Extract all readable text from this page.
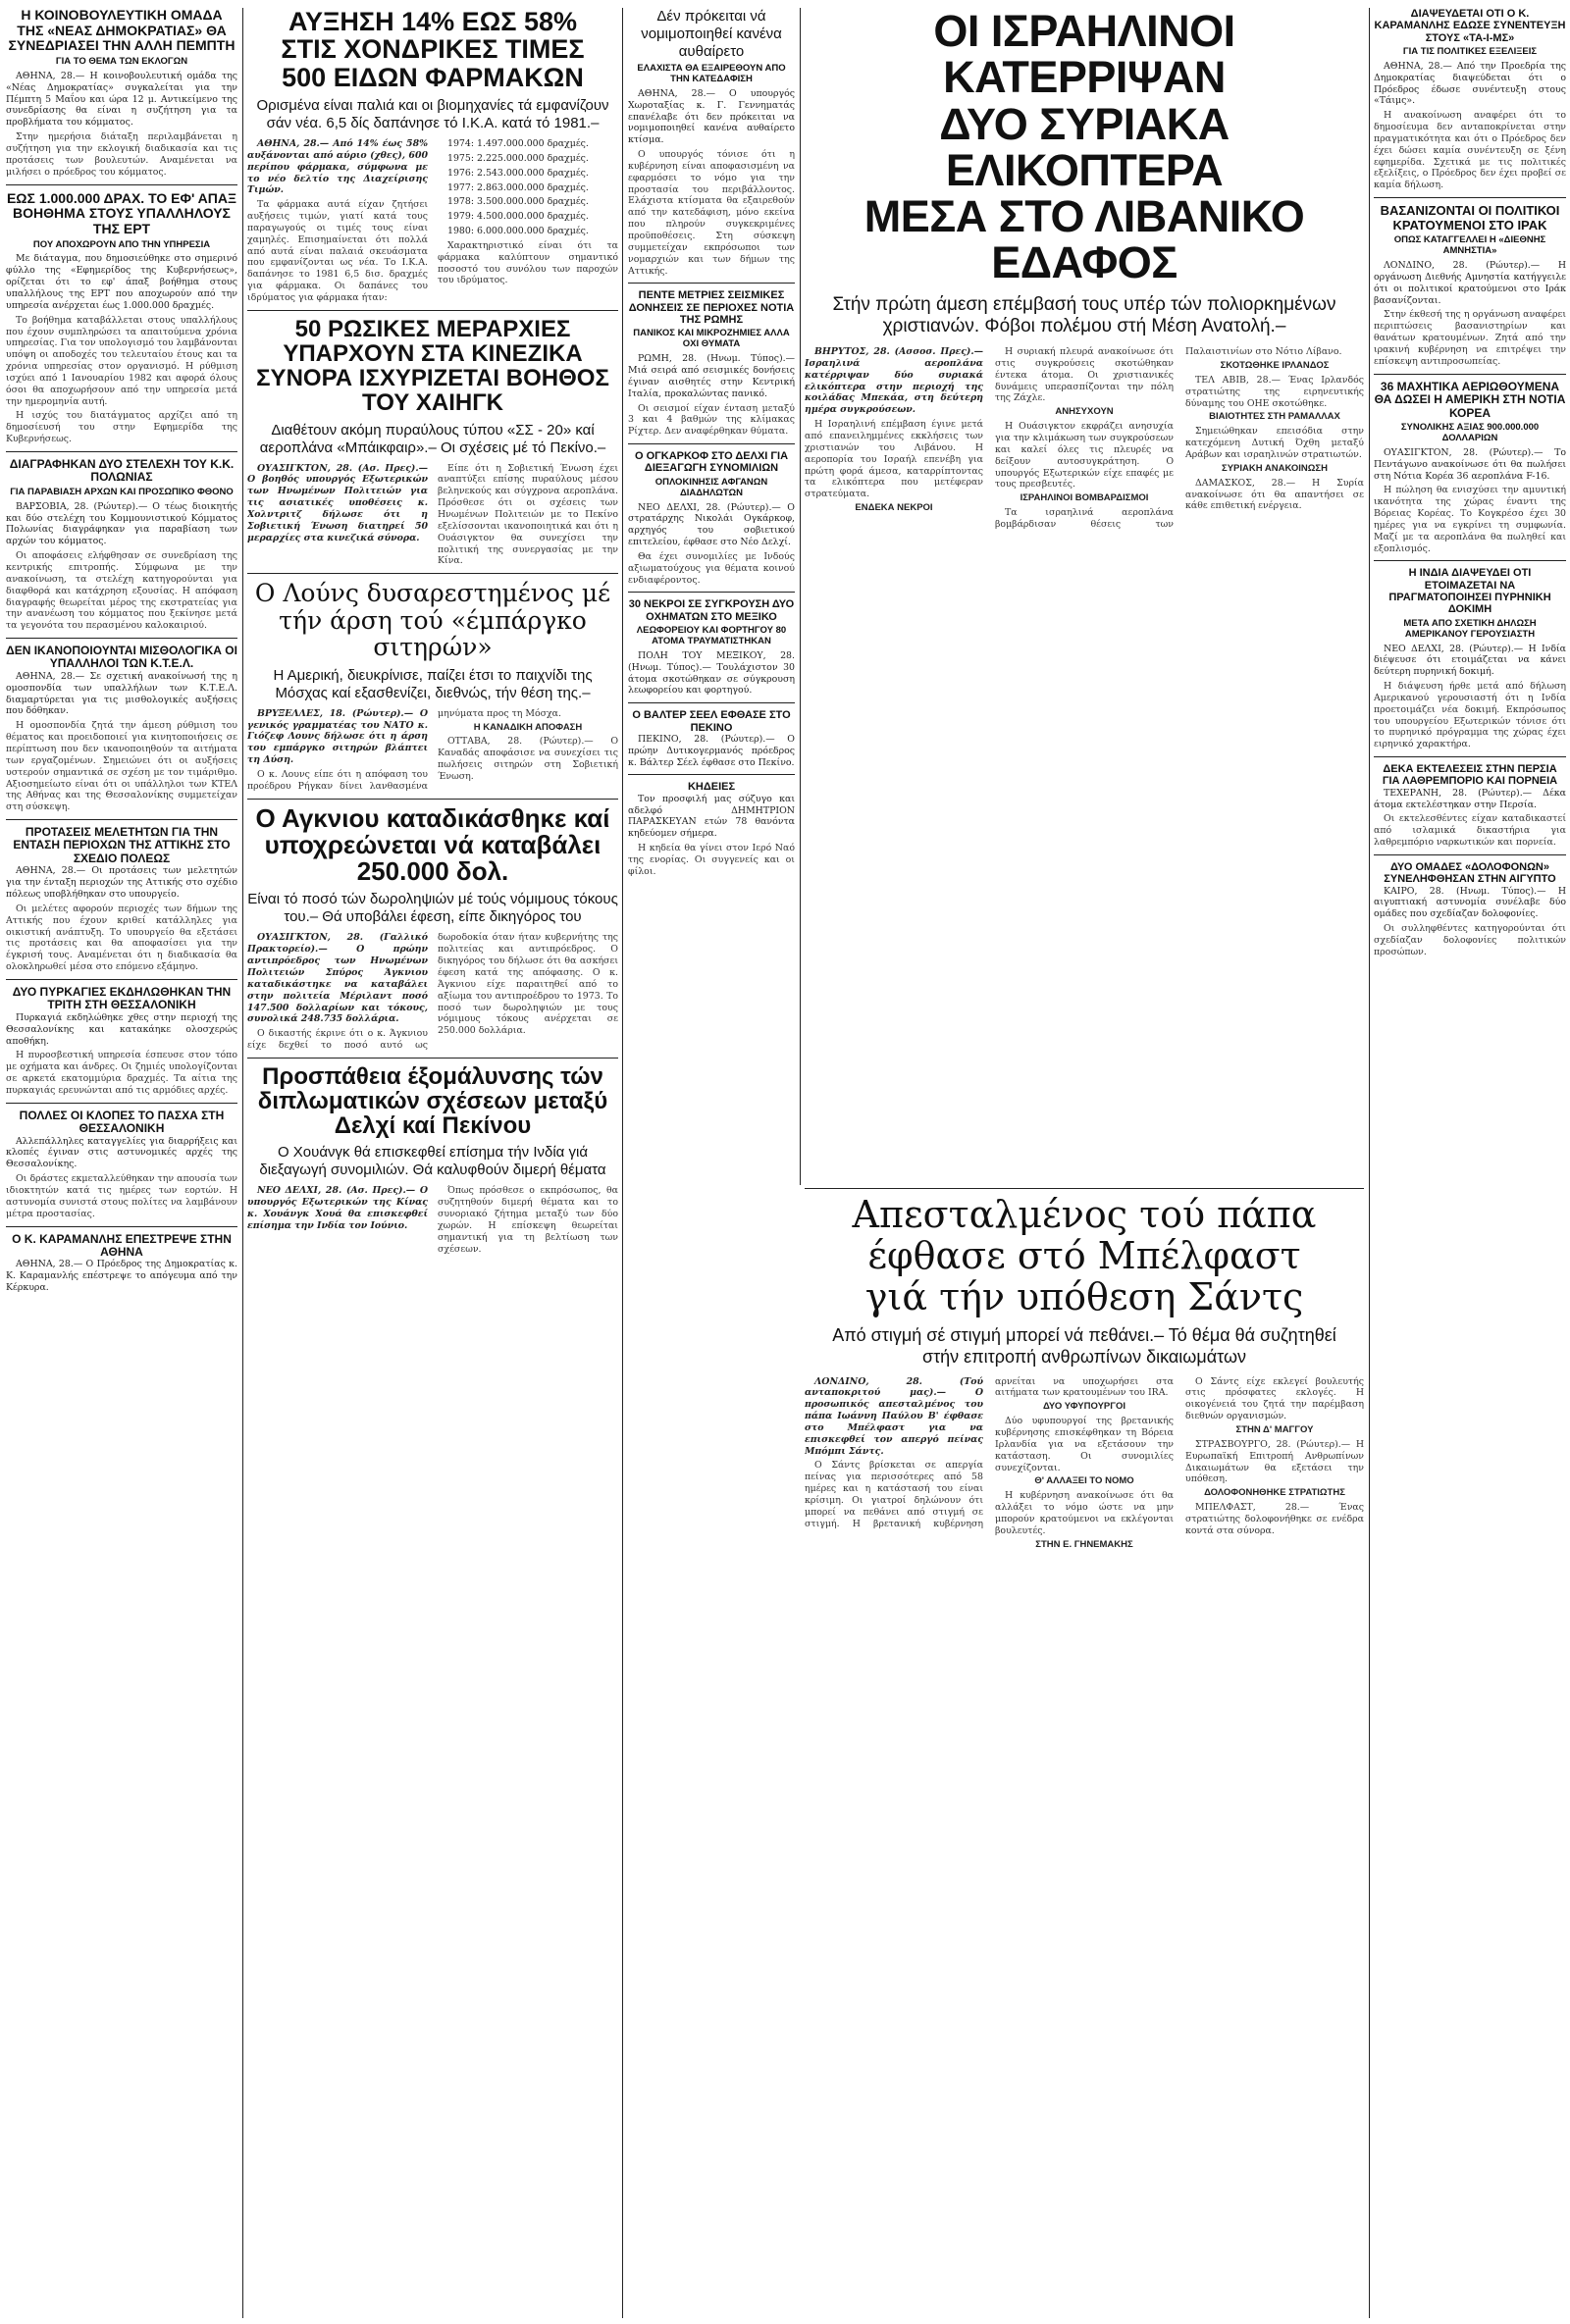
Η ΚΟΙΝΟΒΟΥΛΕΥΤΙΚΗ ΟΜΑΔΑ ΤΗΣ «ΝΕΑΣ ΔΗΜΟΚΡΑΤΙΑΣ» ΘΑ ΣΥΝΕΔΡΙΑΣΕΙ ΤΗΝ ΑΛΛΗ ΠΕΜΠΤΗ
ΓΙΑ ΤΟ ΘΕΜΑ ΤΩΝ ΕΚΛΟΓΩΝ

ΑΘΗΝΑ, 28.— Η κοινοβουλευτική ομάδα της «Νέας Δημοκρατίας» συγκαλείται για την Πέμπτη 5 Μαΐου και ώρα 12 μ. Αντικείμενο της συνεδρίασης θα είναι η συζήτηση για τα προβλήματα του κόμματος.

Στην ημερήσια διάταξη περιλαμβάνεται η συζήτηση για την εκλογική διαδικασία και τις προτάσεις των βουλευτών. Αναμένεται να μιλήσει ο πρόεδρος του κόμματος.

ΕΩΣ 1.000.000 ΔΡΑΧ. ΤΟ ΕΦ' ΑΠΑΞ ΒΟΗΘΗΜΑ ΣΤΟΥΣ ΥΠΑΛΛΗΛΟΥΣ ΤΗΣ ΕΡΤ
ΠΟΥ ΑΠΟΧΩΡΟΥΝ ΑΠΟ ΤΗΝ ΥΠΗΡΕΣΙΑ

Με διάταγμα, που δημοσιεύθηκε στο σημερινό φύλλο της «Εφημερίδος της Κυβερνήσεως», ορίζεται ότι το εφ' άπαξ βοήθημα στους υπαλλήλους της ΕΡΤ που αποχωρούν από την υπηρεσία ανέρχεται έως 1.000.000 δραχμές.

Το βοήθημα καταβάλλεται στους υπαλλήλους που έχουν συμπληρώσει τα απαιτούμενα χρόνια υπηρεσίας. Για τον υπολογισμό του λαμβάνονται υπόψη οι αποδοχές του τελευταίου έτους και τα χρόνια υπηρεσίας στον οργανισμό. Η ρύθμιση ισχύει από 1 Ιανουαρίου 1982 και αφορά όλους όσοι θα αποχωρήσουν από την υπηρεσία μετά την ημερομηνία αυτή.

Η ισχύς του διατάγματος αρχίζει από τη δημοσίευσή του στην Εφημερίδα της Κυβερνήσεως.

ΔΙΑΓΡΑΦΗΚΑΝ ΔΥΟ ΣΤΕΛΕΧΗ ΤΟΥ Κ.Κ. ΠΟΛΩΝΙΑΣ
ΓΙΑ ΠΑΡΑΒΙΑΣΗ ΑΡΧΩΝ ΚΑΙ ΠΡΟΣΩΠΙΚΟ ΦΘΟΝΟ

ΒΑΡΣΟΒΙΑ, 28. (Ρώυτερ).— Ο τέως διοικητής και δύο στελέχη του Κομμουνιστικού Κόμματος Πολωνίας διαγράφηκαν για παραβίαση των αρχών του κόμματος.

Οι αποφάσεις ελήφθησαν σε συνεδρίαση της κεντρικής επιτροπής. Σύμφωνα με την ανακοίνωση, τα στελέχη κατηγορούνται για διαφθορά και κατάχρηση εξουσίας. Η απόφαση διαγραφής θεωρείται μέρος της εκστρατείας για την ανανέωση του κόμματος που ξεκίνησε μετά τα γεγονότα του περασμένου καλοκαιριού.

ΔΕΝ ΙΚΑΝΟΠΟΙΟΥΝΤΑΙ ΜΙΣΘΟΛΟΓΙΚΑ ΟΙ ΥΠΑΛΛΗΛΟΙ ΤΩΝ Κ.Τ.Ε.Λ.

ΑΘΗΝΑ, 28.— Σε σχετική ανακοίνωσή της η ομοσπονδία των υπαλλήλων των Κ.Τ.Ε.Λ. διαμαρτύρεται για τις μισθολογικές αυξήσεις που δόθηκαν.

Η ομοσπονδία ζητά την άμεση ρύθμιση του θέματος και προειδοποιεί για κινητοποιήσεις σε περίπτωση που δεν ικανοποιηθούν τα αιτήματα των εργαζομένων. Σημειώνει ότι οι αυξήσεις υστερούν σημαντικά σε σχέση με τον τιμάριθμο. Αξιοσημείωτο είναι ότι οι υπάλληλοι των ΚΤΕΛ της Αθήνας και της Θεσσαλονίκης συμμετείχαν στη σύσκεψη.

ΠΡΟΤΑΣΕΙΣ ΜΕΛΕΤΗΤΩΝ ΓΙΑ ΤΗΝ ΕΝΤΑΣΗ ΠΕΡΙΟΧΩΝ ΤΗΣ ΑΤΤΙΚΗΣ ΣΤΟ ΣΧΕΔΙΟ ΠΟΛΕΩΣ

ΑΘΗΝΑ, 28.— Οι προτάσεις των μελετητών για την ένταξη περιοχών της Αττικής στο σχέδιο πόλεως υποβλήθηκαν στο υπουργείο.

Οι μελέτες αφορούν περιοχές των δήμων της Αττικής που έχουν κριθεί κατάλληλες για οικιστική ανάπτυξη. Το υπουργείο θα εξετάσει τις προτάσεις και θα αποφασίσει για την έγκρισή τους. Αναμένεται ότι η διαδικασία θα ολοκληρωθεί μέσα στο επόμενο εξάμηνο.

ΔΥΟ ΠΥΡΚΑΓΙΕΣ ΕΚΔΗΛΩΘΗΚΑΝ ΤΗΝ ΤΡΙΤΗ ΣΤΗ ΘΕΣΣΑΛΟΝΙΚΗ

Πυρκαγιά εκδηλώθηκε χθες στην περιοχή της Θεσσαλονίκης και κατακάηκε ολοσχερώς αποθήκη.

Η πυροσβεστική υπηρεσία έσπευσε στον τόπο με οχήματα και άνδρες. Οι ζημιές υπολογίζονται σε αρκετά εκατομμύρια δραχμές. Τα αίτια της πυρκαγιάς ερευνώνται από τις αρμόδιες αρχές.

ΠΟΛΛΕΣ ΟΙ ΚΛΟΠΕΣ ΤΟ ΠΑΣΧΑ ΣΤΗ ΘΕΣΣΑΛΟΝΙΚΗ

Αλλεπάλληλες καταγγελίες για διαρρήξεις και κλοπές έγιναν στις αστυνομικές αρχές της Θεσσαλονίκης.

Οι δράστες εκμεταλλεύθηκαν την απουσία των ιδιοκτητών κατά τις ημέρες των εορτών. Η αστυνομία συνιστά στους πολίτες να λαμβάνουν μέτρα προστασίας.

Ο Κ. ΚΑΡΑΜΑΝΛΗΣ ΕΠΕΣΤΡΕΨΕ ΣΤΗΝ ΑΘΗΝΑ

ΑΘΗΝΑ, 28.— Ο Πρόεδρος της Δημοκρατίας κ. Κ. Καραμανλής επέστρεψε το απόγευμα από την Κέρκυρα.

ΑΥΞΗΣΗ 14% ΕΩΣ 58%
ΣΤΙΣ ΧΟΝΔΡΙΚΕΣ ΤΙΜΕΣ
500 ΕΙΔΩΝ ΦΑΡΜΑΚΩΝ
Ορισμένα είναι παλιά και οι βιομηχανίες τά εμφανίζουν σάν νέα. 6,5 δίς δαπάνησε τό Ι.Κ.Α. κατά τό 1981.–

ΑΘΗΝΑ, 28.— Από 14% έως 58% αυξάνονται από αύριο (χθες), 600 περίπου φάρμακα, σύμφωνα με το νέο δελτίο της Διαχείρισης Τιμών.

Τα φάρμακα αυτά είχαν ζητήσει αυξήσεις τιμών, γιατί κατά τους παραγωγούς οι τιμές τους είναι χαμηλές. Επισημαίνεται ότι πολλά από αυτά είναι παλαιά σκευάσματα που εμφανίζονται ως νέα. Το Ι.Κ.Α. δαπάνησε το 1981 6,5 δισ. δραχμές για φάρμακα. Οι δαπάνες του ιδρύματος για φάρμακα ήταν:

1974: 1.497.000.000 δραχμές.

1975: 2.225.000.000 δραχμές.

1976: 2.543.000.000 δραχμές.

1977: 2.863.000.000 δραχμές.

1978: 3.500.000.000 δραχμές.

1979: 4.500.000.000 δραχμές.

1980: 6.000.000.000 δραχμές.

Χαρακτηριστικό είναι ότι τα φάρμακα καλύπτουν σημαντικό ποσοστό του συνόλου των παροχών του ιδρύματος.

50 ΡΩΣΙΚΕΣ ΜΕΡΑΡΧΙΕΣ ΥΠΑΡΧΟΥΝ ΣΤΑ ΚΙΝΕΖΙΚΑ ΣΥΝΟΡΑ ΙΣΧΥΡΙΖΕΤΑΙ ΒΟΗΘΟΣ ΤΟΥ ΧΑΙΗΓΚ
Διαθέτουν ακόμη πυραύλους τύπου «ΣΣ - 20» καί αεροπλάνα «Μπάικφαιρ».– Οι σχέσεις μέ τό Πεκίνο.–

ΟΥΑΣΙΓΚΤΟΝ, 28. (Ασ. Πρες).— Ο βοηθός υπουργός Εξωτερικών των Ηνωμένων Πολιτειών για τις ασιατικές υποθέσεις κ. Χολντριτζ δήλωσε ότι η Σοβιετική Ένωση διατηρεί 50 μεραρχίες στα κινεζικά σύνορα.

Είπε ότι η Σοβιετική Ένωση έχει αναπτύξει επίσης πυραύλους μέσου βεληνεκούς και σύγχρονα αεροπλάνα. Πρόσθεσε ότι οι σχέσεις των Ηνωμένων Πολιτειών με το Πεκίνο εξελίσσονται ικανοποιητικά και ότι η Ουάσιγκτον θα συνεχίσει την πολιτική της συνεργασίας με την Κίνα.

Ο Λούνς δυσαρεστημένος μέ τήν άρση τού «έμπάργκο σιτηρών»
Η Αμερική, διευκρίνισε, παίζει έτσι το παιχνίδι της Μόσχας καί εξασθενίζει, διεθνώς, τήν θέση της.–

ΒΡΥΞΕΛΛΕΣ, 18. (Ρώυτερ).— Ο γενικός γραμματέας του ΝΑΤΟ κ. Γιόζεφ Λουνς δήλωσε ότι η άρση του εμπάργκο σιτηρών βλάπτει τη Δύση.

Ο κ. Λουνς είπε ότι η απόφαση του προέδρου Ρήγκαν δίνει λανθασμένα μηνύματα προς τη Μόσχα.

Η ΚΑΝΑΔΙΚΗ ΑΠΟΦΑΣΗ

ΟΤΤΑΒΑ, 28. (Ρώυτερ).— Ο Καναδάς αποφάσισε να συνεχίσει τις πωλήσεις σιτηρών στη Σοβιετική Ένωση.

Ο Αγκνιου καταδικάσθηκε καί υποχρεώνεται νά καταβάλει 250.000 δολ.
Είναι τό ποσό τών δωροληψιών μέ τούς νόμιμους τόκους του.– Θά υποβάλει έφεση, είπε δικηγόρος του

ΟΥΑΣΙΓΚΤΟΝ, 28. (Γαλλικό Πρακτορείο).— Ο πρώην αντιπρόεδρος των Ηνωμένων Πολιτειών Σπύρος Άγκνιου καταδικάστηκε να καταβάλει στην πολιτεία Μέριλαντ ποσό 147.500 δολλαρίων και τόκους, συνολικά 248.735 δολλάρια.

Ο δικαστής έκρινε ότι ο κ. Άγκνιου είχε δεχθεί το ποσό αυτό ως δωροδοκία όταν ήταν κυβερνήτης της πολιτείας και αντιπρόεδρος. Ο δικηγόρος του δήλωσε ότι θα ασκήσει έφεση κατά της απόφασης. Ο κ. Άγκνιου είχε παραιτηθεί από το αξίωμα του αντιπροέδρου το 1973. Το ποσό των δωροληψιών με τους νόμιμους τόκους ανέρχεται σε 250.000 δολλάρια.

Προσπάθεια έξομάλυνσης τών διπλωματικών σχέσεων μεταξύ Δελχί καί Πεκίνου
Ο Χουάνγκ θά επισκεφθεί επίσημα τήν Ινδία γιά διεξαγωγή συνομιλιών. Θά καλυφθούν διμερή θέματα

ΝΕΟ ΔΕΛΧΙ, 28. (Ασ. Πρες).— Ο υπουργός Εξωτερικών της Κίνας κ. Χουάνγκ Χουά θα επισκεφθεί επίσημα την Ινδία τον Ιούνιο.

Όπως πρόσθεσε ο εκπρόσωπος, θα συζητηθούν διμερή θέματα και το συνοριακό ζήτημα μεταξύ των δύο χωρών. Η επίσκεψη θεωρείται σημαντική για τη βελτίωση των σχέσεων.

Δέν πρόκειται νά νομιμοποιηθεί κανένα αυθαίρετο
ΕΛΑΧΙΣΤΑ ΘΑ ΕΞΑΙΡΕΘΟΥΝ ΑΠΟ ΤΗΝ ΚΑΤΕΔΑΦΙΣΗ

ΑΘΗΝΑ, 28.— Ο υπουργός Χωροταξίας κ. Γ. Γεννηματάς επανέλαβε ότι δεν πρόκειται να νομιμοποιηθεί κανένα αυθαίρετο κτίσμα.

Ο υπουργός τόνισε ότι η κυβέρνηση είναι αποφασισμένη να εφαρμόσει το νόμο για την προστασία του περιβάλλοντος. Ελάχιστα κτίσματα θα εξαιρεθούν από την κατεδάφιση, μόνο εκείνα που πληρούν συγκεκριμένες προϋποθέσεις. Στη σύσκεψη συμμετείχαν εκπρόσωποι των νομαρχιών και των δήμων της Αττικής.

ΠΕΝΤΕ ΜΕΤΡΙΕΣ ΣΕΙΣΜΙΚΕΣ ΔΟΝΗΣΕΙΣ ΣΕ ΠΕΡΙΟΧΕΣ ΝΟΤΙΑ ΤΗΣ ΡΩΜΗΣ
ΠΑΝΙΚΟΣ ΚΑΙ ΜΙΚΡΟΖΗΜΙΕΣ ΑΛΛΑ ΟΧΙ ΘΥΜΑΤΑ

ΡΩΜΗ, 28. (Ηνωμ. Τύπος).— Μιά σειρά από σεισμικές δονήσεις έγιναν αισθητές στην Κεντρική Ιταλία, προκαλώντας πανικό.

Οι σεισμοί είχαν ένταση μεταξύ 3 και 4 βαθμών της κλίμακας Ρίχτερ. Δεν αναφέρθηκαν θύματα.

Ο ΟΓΚΑΡΚΟΦ ΣΤΟ ΔΕΛΧΙ ΓΙΑ ΔΙΕΞΑΓΩΓΗ ΣΥΝΟΜΙΛΙΩΝ
ΟΠΛΟΚΙΝΗΣΙΣ ΑΦΓΑΝΩΝ ΔΙΑΔΗΛΩΤΩΝ

ΝΕΟ ΔΕΛΧΙ, 28. (Ρώυτερ).— Ο στρατάρχης Νικολάι Ογκάρκοφ, αρχηγός του σοβιετικού επιτελείου, έφθασε στο Νέο Δελχί.

Θα έχει συνομιλίες με Ινδούς αξιωματούχους για θέματα κοινού ενδιαφέροντος.

30 ΝΕΚΡΟΙ ΣΕ ΣΥΓΚΡΟΥΣΗ ΔΥΟ ΟΧΗΜΑΤΩΝ ΣΤΟ ΜΕΞΙΚΟ
ΛΕΩΦΟΡΕΙΟΥ ΚΑΙ ΦΟΡΤΗΓΟΥ 80 ΑΤΟΜΑ ΤΡΑΥΜΑΤΙΣΤΗΚΑΝ

ΠΟΛΗ ΤΟΥ ΜΕΞΙΚΟΥ, 28. (Ηνωμ. Τύπος).— Τουλάχιστον 30 άτομα σκοτώθηκαν σε σύγκρουση λεωφορείου και φορτηγού.

Ο ΒΑΛΤΕΡ ΣΕΕΛ ΕΦΘΑΣΕ ΣΤΟ ΠΕΚΙΝΟ

ΠΕΚΙΝΟ, 28. (Ρώυτερ).— Ο πρώην Δυτικογερμανός πρόεδρος κ. Βάλτερ Σέελ έφθασε στο Πεκίνο.

ΚΗΔΕΙΕΣ

Τον προσφιλή μας σύζυγο και αδελφό ΔΗΜΗΤΡΙΟΝ ΠΑΡΑΣΚΕΥΑΝ ετών 78 θανόντα κηδεύομεν σήμερα.

Η κηδεία θα γίνει στον Ιερό Ναό της ενορίας. Οι συγγενείς και οι φίλοι.

ΟΙ ΙΣΡΑΗΛΙΝΟΙ ΚΑΤΕΡΡΙΨΑΝ
ΔΥΟ ΣΥΡΙΑΚΑ ΕΛΙΚΟΠΤΕΡΑ
ΜΕΣΑ ΣΤΟ ΛΙΒΑΝΙΚΟ ΕΔΑΦΟΣ
Στήν πρώτη άμεση επέμβασή τους υπέρ τών πολιορκημένων χριστιανών. Φόβοι πολέμου στή Μέση Ανατολή.–

ΒΗΡΥΤΟΣ, 28. (Ασσοσ. Πρες).— Ισραηλινά αεροπλάνα κατέρριψαν δύο συριακά ελικόπτερα στην περιοχή της κοιλάδας Μπεκάα, στη δεύτερη ημέρα συγκρούσεων.

Η Ισραηλινή επέμβαση έγινε μετά από επανειλημμένες εκκλήσεις των χριστιανών του Λιβάνου. Η αεροπορία του Ισραήλ επενέβη για πρώτη φορά άμεσα, καταρρίπτοντας τα ελικόπτερα που μετέφεραν στρατεύματα.

ΕΝΔΕΚΑ ΝΕΚΡΟΙ

Η συριακή πλευρά ανακοίνωσε ότι στις συγκρούσεις σκοτώθηκαν έντεκα άτομα. Οι χριστιανικές δυνάμεις υπερασπίζονται την πόλη της Ζάχλε.

ΑΝΗΣΥΧΟΥΝ

Η Ουάσιγκτον εκφράζει ανησυχία για την κλιμάκωση των συγκρούσεων και καλεί όλες τις πλευρές να δείξουν αυτοσυγκράτηση. Ο υπουργός Εξωτερικών είχε επαφές με τους πρεσβευτές.

ΙΣΡΑΗΛΙΝΟΙ ΒΟΜΒΑΡΔΙΣΜΟΙ

Τα ισραηλινά αεροπλάνα βομβάρδισαν θέσεις των Παλαιστινίων στο Νότιο Λίβανο.

ΣΚΟΤΩΘΗΚΕ ΙΡΛΑΝΔΟΣ

ΤΕΛ ΑΒΙΒ, 28.— Ένας Ιρλανδός στρατιώτης της ειρηνευτικής δύναμης του ΟΗΕ σκοτώθηκε.

ΒΙΑΙΟΤΗΤΕΣ ΣΤΗ ΡΑΜΑΛΛΑΧ

Σημειώθηκαν επεισόδια στην κατεχόμενη Δυτική Όχθη μεταξύ Αράβων και ισραηλινών στρατιωτών.

ΣΥΡΙΑΚΗ ΑΝΑΚΟΙΝΩΣΗ

ΔΑΜΑΣΚΟΣ, 28.— Η Συρία ανακοίνωσε ότι θα απαντήσει σε κάθε επιθετική ενέργεια.

Απεσταλμένος τού πάπα
έφθασε στό Μπέλφαστ
γιά τήν υπόθεση Σάντς
Από στιγμή σέ στιγμή μπορεί νά πεθάνει.– Τό θέμα θά συζητηθεί στήν επιτροπή ανθρωπίνων δικαιωμάτων

ΛΟΝΔΙΝΟ, 28. (Τού ανταποκριτού μας).— Ο προσωπικός απεσταλμένος του πάπα Ιωάννη Παύλου Β' έφθασε στο Μπέλφαστ για να επισκεφθεί τον απεργό πείνας Μπόμπι Σάντς.

Ο Σάντς βρίσκεται σε απεργία πείνας για περισσότερες από 58 ημέρες και η κατάστασή του είναι κρίσιμη. Οι γιατροί δηλώνουν ότι μπορεί να πεθάνει από στιγμή σε στιγμή. Η βρετανική κυβέρνηση αρνείται να υποχωρήσει στα αιτήματα των κρατουμένων του IRA.

ΔΥΟ ΥΦΥΠΟΥΡΓΟΙ

Δύο υφυπουργοί της βρετανικής κυβέρνησης επισκέφθηκαν τη Βόρεια Ιρλανδία για να εξετάσουν την κατάσταση. Οι συνομιλίες συνεχίζονται.

Θ' ΑΛΛΑΞΕΙ ΤΟ ΝΟΜΟ

Η κυβέρνηση ανακοίνωσε ότι θα αλλάξει το νόμο ώστε να μην μπορούν κρατούμενοι να εκλέγονται βουλευτές.

ΣΤΗΝ Ε. ΓΗΝΕΜΑΚΗΣ

Ο Σάντς είχε εκλεγεί βουλευτής στις πρόσφατες εκλογές. Η οικογένειά του ζητά την παρέμβαση διεθνών οργανισμών.

ΣΤΗΝ Δ' ΜΑΓΓΟΥ

ΣΤΡΑΣΒΟΥΡΓΟ, 28. (Ρώυτερ).— Η Ευρωπαϊκή Επιτροπή Ανθρωπίνων Δικαιωμάτων θα εξετάσει την υπόθεση.

ΔΟΛΟΦΟΝΗΘΗΚΕ ΣΤΡΑΤΙΩΤΗΣ

ΜΠΕΛΦΑΣΤ, 28.— Ένας στρατιώτης δολοφονήθηκε σε ενέδρα κοντά στα σύνορα.

ΔΙΑΨΕΥΔΕΤΑΙ ΟΤΙ Ο Κ. ΚΑΡΑΜΑΝΛΗΣ ΕΔΩΣΕ ΣΥΝΕΝΤΕΥΞΗ ΣΤΟΥΣ «ΤΑ-Ι-ΜΣ»
ΓΙΑ ΤΙΣ ΠΟΛΙΤΙΚΕΣ ΕΞΕΛΙΞΕΙΣ

ΑΘΗΝΑ, 28.— Από την Προεδρία της Δημοκρατίας διαψεύδεται ότι ο Πρόεδρος έδωσε συνέντευξη στους «Τάιμς».

Η ανακοίνωση αναφέρει ότι το δημοσίευμα δεν ανταποκρίνεται στην πραγματικότητα και ότι ο Πρόεδρος δεν έχει δώσει καμία συνέντευξη σε ξένη εφημερίδα. Σχετικά με τις πολιτικές εξελίξεις, ο Πρόεδρος δεν έχει προβεί σε καμία δήλωση.

ΒΑΣΑΝΙΖΟΝΤΑΙ ΟΙ ΠΟΛΙΤΙΚΟΙ ΚΡΑΤΟΥΜΕΝΟΙ ΣΤΟ ΙΡΑΚ
ΟΠΩΣ ΚΑΤΑΓΓΕΛΛΕΙ Η «ΔΙΕΘΝΗΣ ΑΜΝΗΣΤΙΑ»

ΛΟΝΔΙΝΟ, 28. (Ρώυτερ).— Η οργάνωση Διεθνής Αμνηστία κατήγγειλε ότι οι πολιτικοί κρατούμενοι στο Ιράκ βασανίζονται.

Στην έκθεσή της η οργάνωση αναφέρει περιπτώσεις βασανιστηρίων και θανάτων κρατουμένων. Ζητά από την ιρακινή κυβέρνηση να επιτρέψει την επίσκεψη αντιπροσωπείας.

36 ΜΑΧΗΤΙΚΑ ΑΕΡΙΩΘΟΥΜΕΝΑ ΘΑ ΔΩΣΕΙ Η ΑΜΕΡΙΚΗ ΣΤΗ ΝΟΤΙΑ ΚΟΡΕΑ
ΣΥΝΟΛΙΚΗΣ ΑΞΙΑΣ 900.000.000 ΔΟΛΛΑΡΙΩΝ

ΟΥΑΣΙΓΚΤΟΝ, 28. (Ρώυτερ).— Το Πεντάγωνο ανακοίνωσε ότι θα πωλήσει στη Νότια Κορέα 36 αεροπλάνα F-16.

Η πώληση θα ενισχύσει την αμυντική ικανότητα της χώρας έναντι της Βόρειας Κορέας. Το Κογκρέσο έχει 30 ημέρες για να εγκρίνει τη συμφωνία. Μαζί με τα αεροπλάνα θα πωληθεί και εξοπλισμός.

Η ΙΝΔΙΑ ΔΙΑΨΕΥΔΕΙ ΟΤΙ ΕΤΟΙΜΑΖΕΤΑΙ ΝΑ ΠΡΑΓΜΑΤΟΠΟΙΗΣΕΙ ΠΥΡΗΝΙΚΗ ΔΟΚΙΜΗ
ΜΕΤΑ ΑΠΟ ΣΧΕΤΙΚΗ ΔΗΛΩΣΗ ΑΜΕΡΙΚΑΝΟΥ ΓΕΡΟΥΣΙΑΣΤΗ

ΝΕΟ ΔΕΛΧΙ, 28. (Ρώυτερ).— Η Ινδία διέψευσε ότι ετοιμάζεται να κάνει δεύτερη πυρηνική δοκιμή.

Η διάψευση ήρθε μετά από δήλωση Αμερικανού γερουσιαστή ότι η Ινδία προετοιμάζει νέα δοκιμή. Εκπρόσωπος του υπουργείου Εξωτερικών τόνισε ότι το πυρηνικό πρόγραμμα της χώρας έχει ειρηνικό χαρακτήρα.

ΔΕΚΑ ΕΚΤΕΛΕΣΕΙΣ ΣΤΗΝ ΠΕΡΣΙΑ ΓΙΑ ΛΑΘΡΕΜΠΟΡΙΟ ΚΑΙ ΠΟΡΝΕΙΑ

ΤΕΧΕΡΑΝΗ, 28. (Ρώυτερ).— Δέκα άτομα εκτελέστηκαν στην Περσία.

Οι εκτελεσθέντες είχαν καταδικαστεί από ισλαμικά δικαστήρια για λαθρεμπόριο ναρκωτικών και πορνεία.

ΔΥΟ ΟΜΑΔΕΣ «ΔΟΛΟΦΟΝΩΝ» ΣΥΝΕΛΗΦΘΗΣΑΝ ΣΤΗΝ ΑΙΓΥΠΤΟ

ΚΑΙΡΟ, 28. (Ηνωμ. Τύπος).— Η αιγυπτιακή αστυνομία συνέλαβε δύο ομάδες που σχεδίαζαν δολοφονίες.

Οι συλληφθέντες κατηγορούνται ότι σχεδίαζαν δολοφονίες πολιτικών προσώπων.
